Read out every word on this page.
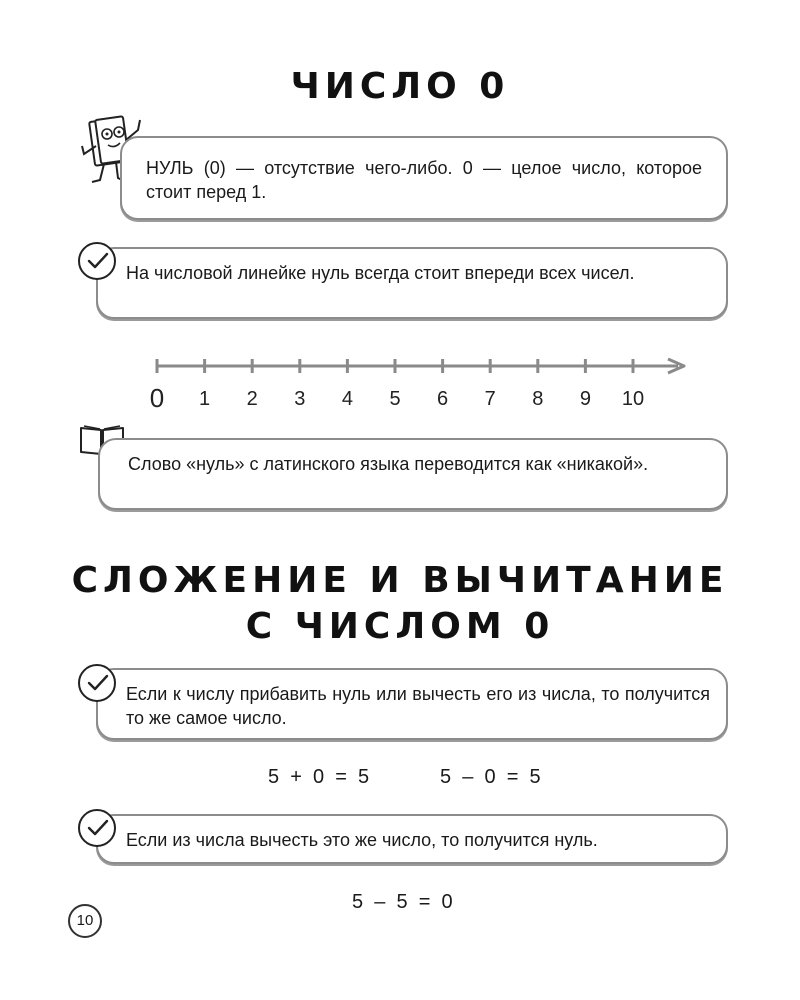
ЧИСЛО 0
НУЛЬ (0) — отсутствие чего-либо. 0 — целое число, которое стоит перед 1.
На числовой линейке нуль всегда стоит впереди всех чисел.
0 1 2 3 4 5 6 7 8 9 10
Слово «нуль» с латинского языка переводится как «никакой».
СЛОЖЕНИЕ И ВЫЧИТАНИЕ
С ЧИСЛОМ 0
Если к числу прибавить нуль или вычесть его из числа, то получится то же самое число.
5  +  0  =  5	5  –  0  =  5
Если из числа вычесть это же число, то получится нуль.
5  –  5  =  0
10
